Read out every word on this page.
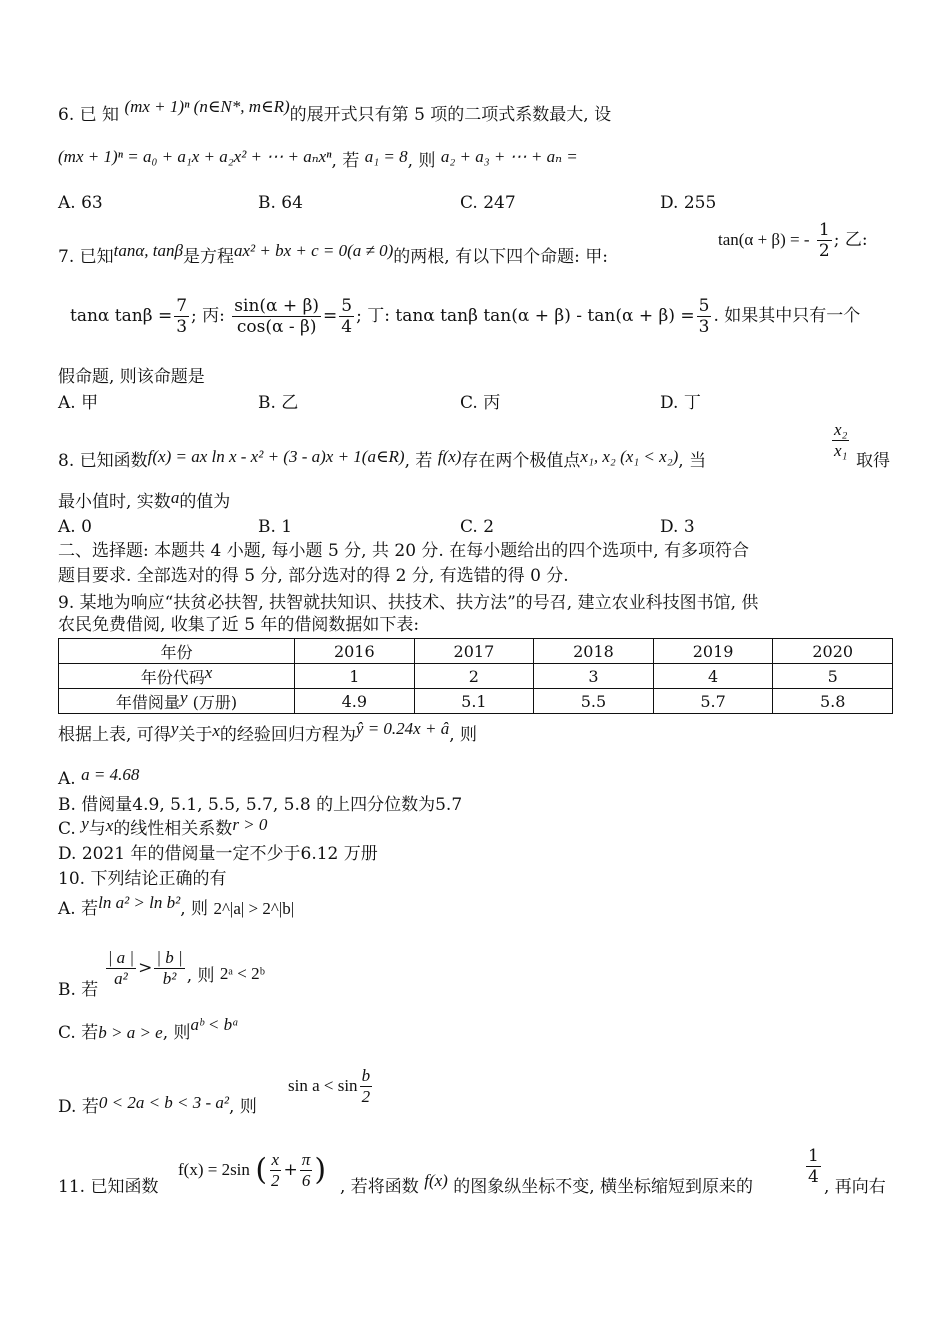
6. 已 知 (mx + 1)ⁿ (n∈N*, m∈R)的展开式只有第 5 项的二项式系数最大, 设
(mx + 1)ⁿ = a₀ + a₁x + a₂x² + ⋯ + aₙxⁿ, 若 a₁ = 8, 则 a₂ + a₃ + ⋯ + aₙ =
A. 63	B. 64	C. 247	D. 255
7. 已知tanα, tanβ是方程ax² + bx + c = 0(a ≠ 0)的两根, 有以下四个命题: 甲:
tan(α + β) = - $\frac{1}{2}$ ; 乙:
tanα $\tan\beta = \frac{7}{3}$ ; 丙: $\frac{\sin(\alpha + \beta)}{\cos(\alpha - \beta)} = \frac{5}{4}$ ; 丁: tanα tanβ $\tan(\alpha + \beta) - \tan(\alpha + \beta) = \frac{5}{3}$ . 如果其中只有一个
假命题, 则该命题是
A. 甲	B. 乙	C. 丙	D. 丁
8. 已知函数f(x) = ax ln x - x² + (3 - a)x + 1(a∈R), 若 f(x)存在两个极值点x₁, x₂ (x₁ < x₂), 当	$\frac{\text{x₂}}{\text{x₁}}$ 取得
最小值时, 实数a的值为
A. 0	B. 1	C. 2	D. 3
二、选择题: 本题共 4 小题, 每小题 5 分, 共 20 分. 在每小题给出的四个选项中, 有多项符合
题目要求. 全部选对的得 5 分, 部分选对的得 2 分, 有选错的得 0 分.
9. 某地为响应“扶贫必扶智, 扶智就扶知识、扶技术、扶方法”的号召, 建立农业科技图书馆, 供
农民免费借阅, 收集了近 5 年的借阅数据如下表:
年份	2016	2017	2018	2019	2020
年份代码x	1	2	3	4	5
年借阅量y (万册)	4.9	5.1	5.5	5.7	5.8
根据上表, 可得y关于x的经验回归方程为ŷ = 0.24x + â, 则
A. a = 4.68
B. 借阅量4.9, 5.1, 5.5, 5.7, 5.8 的上四分位数为5.7
C. y与x的线性相关系数r > 0
D. 2021 年的借阅量一定不少于6.12 万册
10. 下列结论正确的有
A. 若ln a² > ln b², 则 2^|a| > 2^|b|
B. 若
$\frac{| a |}{\text{a²}} > \frac{| b |}{\text{b²}}$ , 则 2ᵃ < 2ᵇ
C. 若b > a > e, 则aᵇ < bᵃ
D. 若0 < 2a < b < 3 - a², 则
$\sin a < \sin \frac{b}{2}$
11. 已知函数
f(x) = 2sin ( $\frac{x}{2} + \frac{\pi}{6}$ ) , 若将函数 f(x) 的图象纵坐标不变, 横坐标缩短到原来的	$\frac{1}{4}$ , 再向右
